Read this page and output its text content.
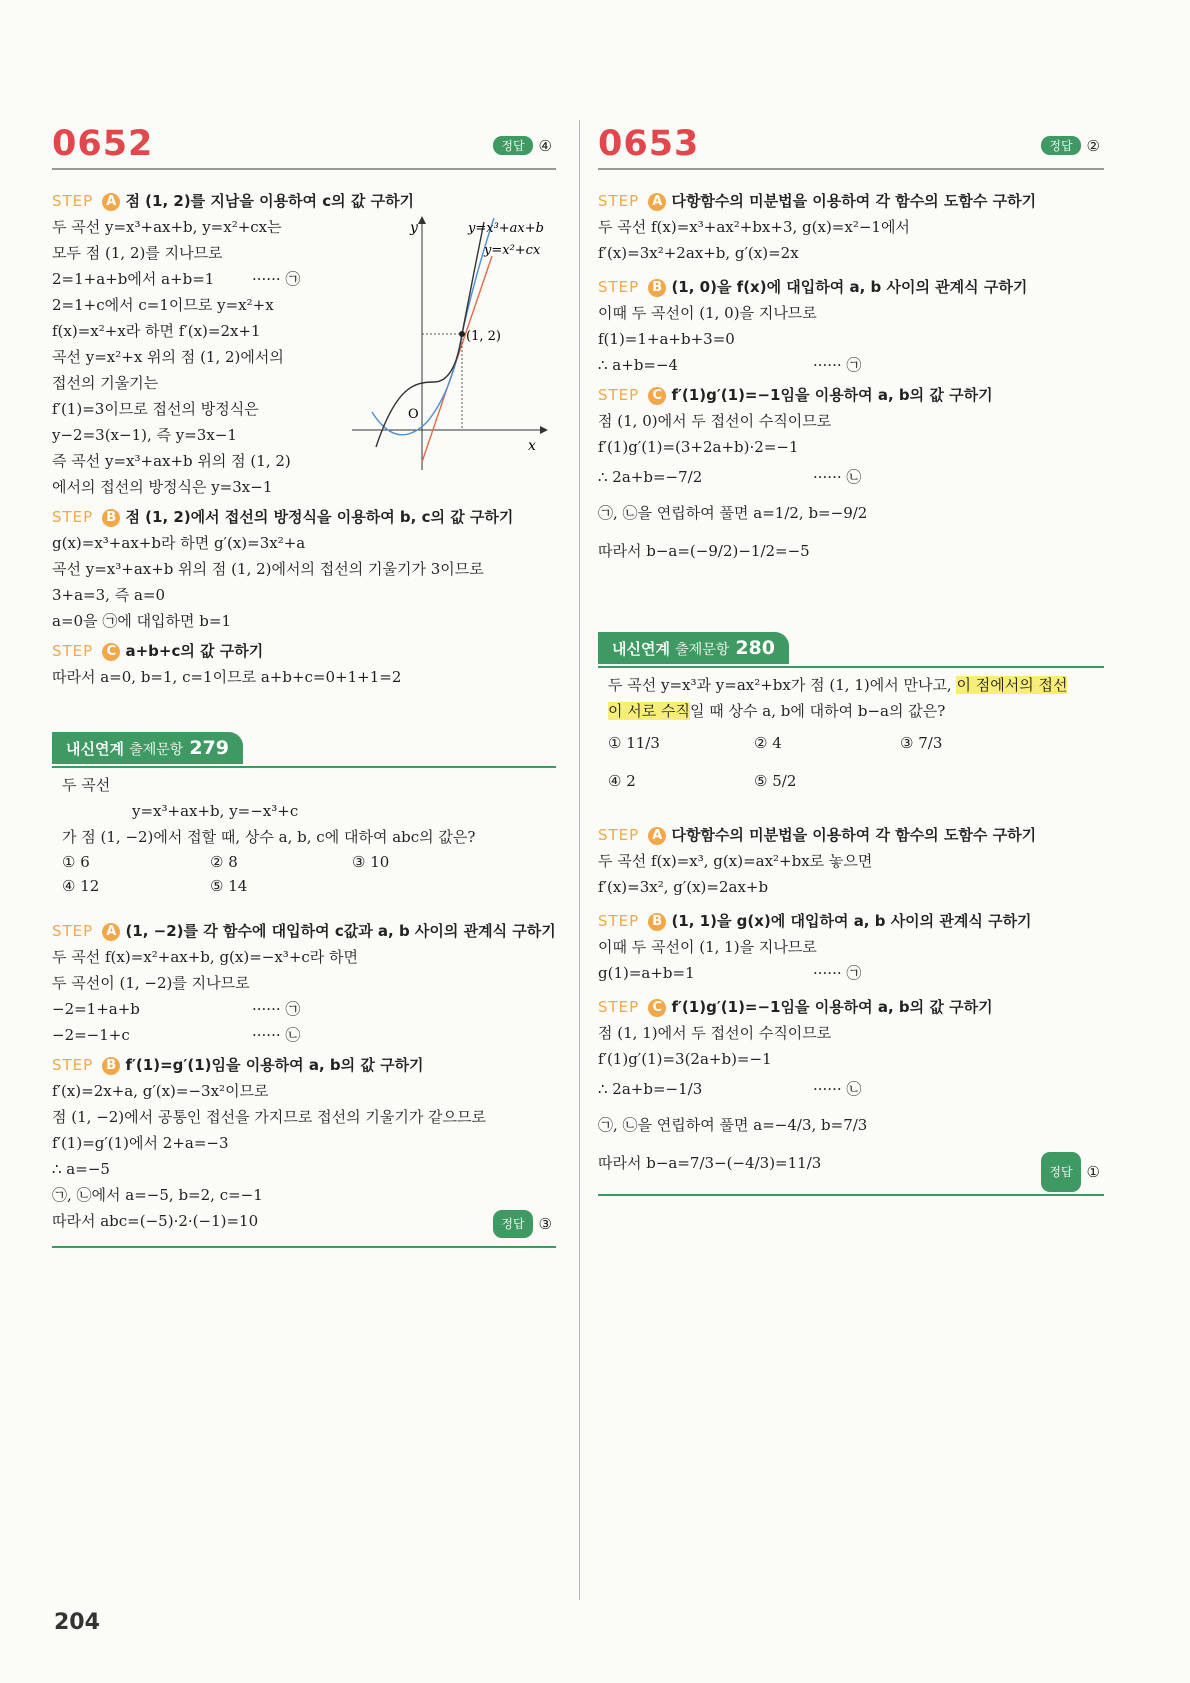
0652	정답 ④
STEP A 점 (1, 2)를 지남을 이용하여 c의 값 구하기
두 곡선 y=x³+ax+b, y=x²+cx는
모두 점 (1, 2)를 지나므로
2=1+a+b에서 a+b=1	······ ㉠
2=1+c에서 c=1이므로 y=x²+x
f(x)=x²+x라 하면 f′(x)=2x+1
곡선 y=x²+x 위의 점 (1, 2)에서의
접선의 기울기는
f′(1)=3이므로 접선의 방정식은
y−2=3(x−1), 즉 y=3x−1
즉 곡선 y=x³+ax+b 위의 점 (1, 2)
에서의 접선의 방정식은 y=3x−1
y
x
O
(1, 2)
y=x³+ax+b
y=x²+cx
STEP B 점 (1, 2)에서 접선의 방정식을 이용하여 b, c의 값 구하기
g(x)=x³+ax+b라 하면 g′(x)=3x²+a
곡선 y=x³+ax+b 위의 점 (1, 2)에서의 접선의 기울기가 3이므로
3+a=3, 즉 a=0
a=0을 ㉠에 대입하면 b=1
STEP C a+b+c의 값 구하기
따라서 a=0, b=1, c=1이므로 a+b+c=0+1+1=2
내신연계 출제문항 279
두 곡선
y=x³+ax+b, y=−x³+c
가 점 (1, −2)에서 접할 때, 상수 a, b, c에 대하여 abc의 값은?
① 6	② 8	③ 10
④ 12	⑤ 14
STEP A (1, −2)를 각 함수에 대입하여 c값과 a, b 사이의 관계식 구하기
두 곡선 f(x)=x²+ax+b, g(x)=−x³+c라 하면
두 곡선이 (1, −2)를 지나므로
−2=1+a+b	······ ㉠
−2=−1+c	······ ㉡
STEP B f′(1)=g′(1)임을 이용하여 a, b의 값 구하기
f′(x)=2x+a, g′(x)=−3x²이므로
점 (1, −2)에서 공통인 접선을 가지므로 접선의 기울기가 같으므로
f′(1)=g′(1)에서 2+a=−3
∴ a=−5
㉠, ㉡에서 a=−5, b=2, c=−1
따라서 abc=(−5)·2·(−1)=10	정답 ③
0653	정답 ②
STEP A 다항함수의 미분법을 이용하여 각 함수의 도함수 구하기
두 곡선 f(x)=x³+ax²+bx+3, g(x)=x²−1에서
f′(x)=3x²+2ax+b, g′(x)=2x
STEP B (1, 0)을 f(x)에 대입하여 a, b 사이의 관계식 구하기
이때 두 곡선이 (1, 0)을 지나므로
f(1)=1+a+b+3=0
∴ a+b=−4	······ ㉠
STEP C f′(1)g′(1)=−1임을 이용하여 a, b의 값 구하기
점 (1, 0)에서 두 접선이 수직이므로
f′(1)g′(1)=(3+2a+b)·2=−1
∴ 2a+b=−7/2	······ ㉡
㉠, ㉡을 연립하여 풀면 a=1/2, b=−9/2
따라서 b−a=(−9/2)−1/2=−5
내신연계 출제문항 280
두 곡선 y=x³과 y=ax²+bx가 점 (1, 1)에서 만나고, 이 점에서의 접선
이 서로 수직일 때 상수 a, b에 대하여 b−a의 값은?
① 11/3	② 4	③ 7/3
④ 2	⑤ 5/2
STEP A 다항함수의 미분법을 이용하여 각 함수의 도함수 구하기
두 곡선 f(x)=x³, g(x)=ax²+bx로 놓으면
f′(x)=3x², g′(x)=2ax+b
STEP B (1, 1)을 g(x)에 대입하여 a, b 사이의 관계식 구하기
이때 두 곡선이 (1, 1)을 지나므로
g(1)=a+b=1	······ ㉠
STEP C f′(1)g′(1)=−1임을 이용하여 a, b의 값 구하기
점 (1, 1)에서 두 접선이 수직이므로
f′(1)g′(1)=3(2a+b)=−1
∴ 2a+b=−1/3	······ ㉡
㉠, ㉡을 연립하여 풀면 a=−4/3, b=7/3
따라서 b−a=7/3−(−4/3)=11/3	정답 ①
204
